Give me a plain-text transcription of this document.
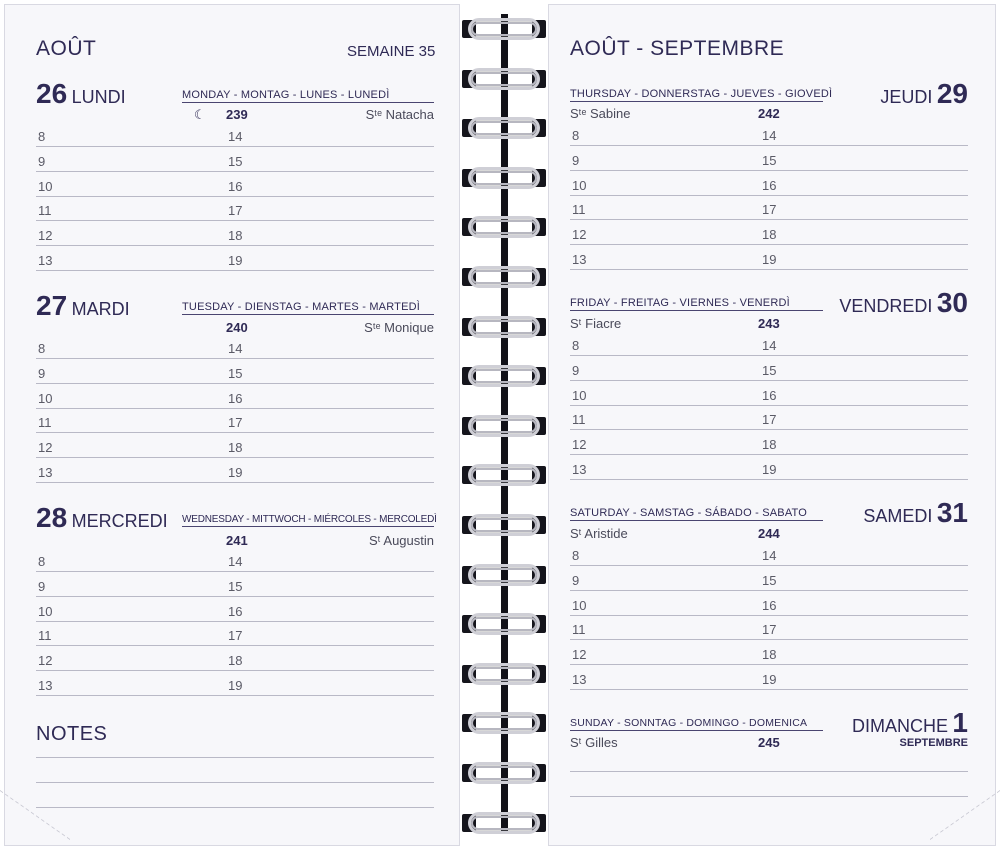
AOÛT	SEMAINE 35
26 LUNDI	MONDAY - MONTAG - LUNES - LUNEDÌ
☾ 239	Sᵗᵉ Natacha
8	14
9	15
10	16
11	17
12	18
13	19
27 MARDI	TUESDAY - DIENSTAG - MARTES - MARTEDÌ
240	Sᵗᵉ Monique
8	14
9	15
10	16
11	17
12	18
13	19
28 MERCREDI WEDNESDAY - MITTWOCH - MIÉRCOLES - MERCOLEDÌ
241	Sᵗ Augustin
8	14
9	15
10	16
11	17
12	18
13	19
NOTES
AOÛT - SEPTEMBRE
THURSDAY - DONNERSTAG - JUEVES - GIOVEDÌ	JEUDI 29
Sᵗᵉ Sabine	242
8	14
9	15
10	16
11	17
12	18
13	19
FRIDAY - FREITAG - VIERNES - VENERDÌ	VENDREDI 30
Sᵗ Fiacre	243
8	14
9	15
10	16
11	17
12	18
13	19
SATURDAY - SAMSTAG - SÁBADO - SABATO	SAMEDI 31
Sᵗ Aristide	244
8	14
9	15
10	16
11	17
12	18
13	19
SUNDAY - SONNTAG - DOMINGO - DOMENICA	DIMANCHE 1
SEPTEMBRE
Sᵗ Gilles	245
